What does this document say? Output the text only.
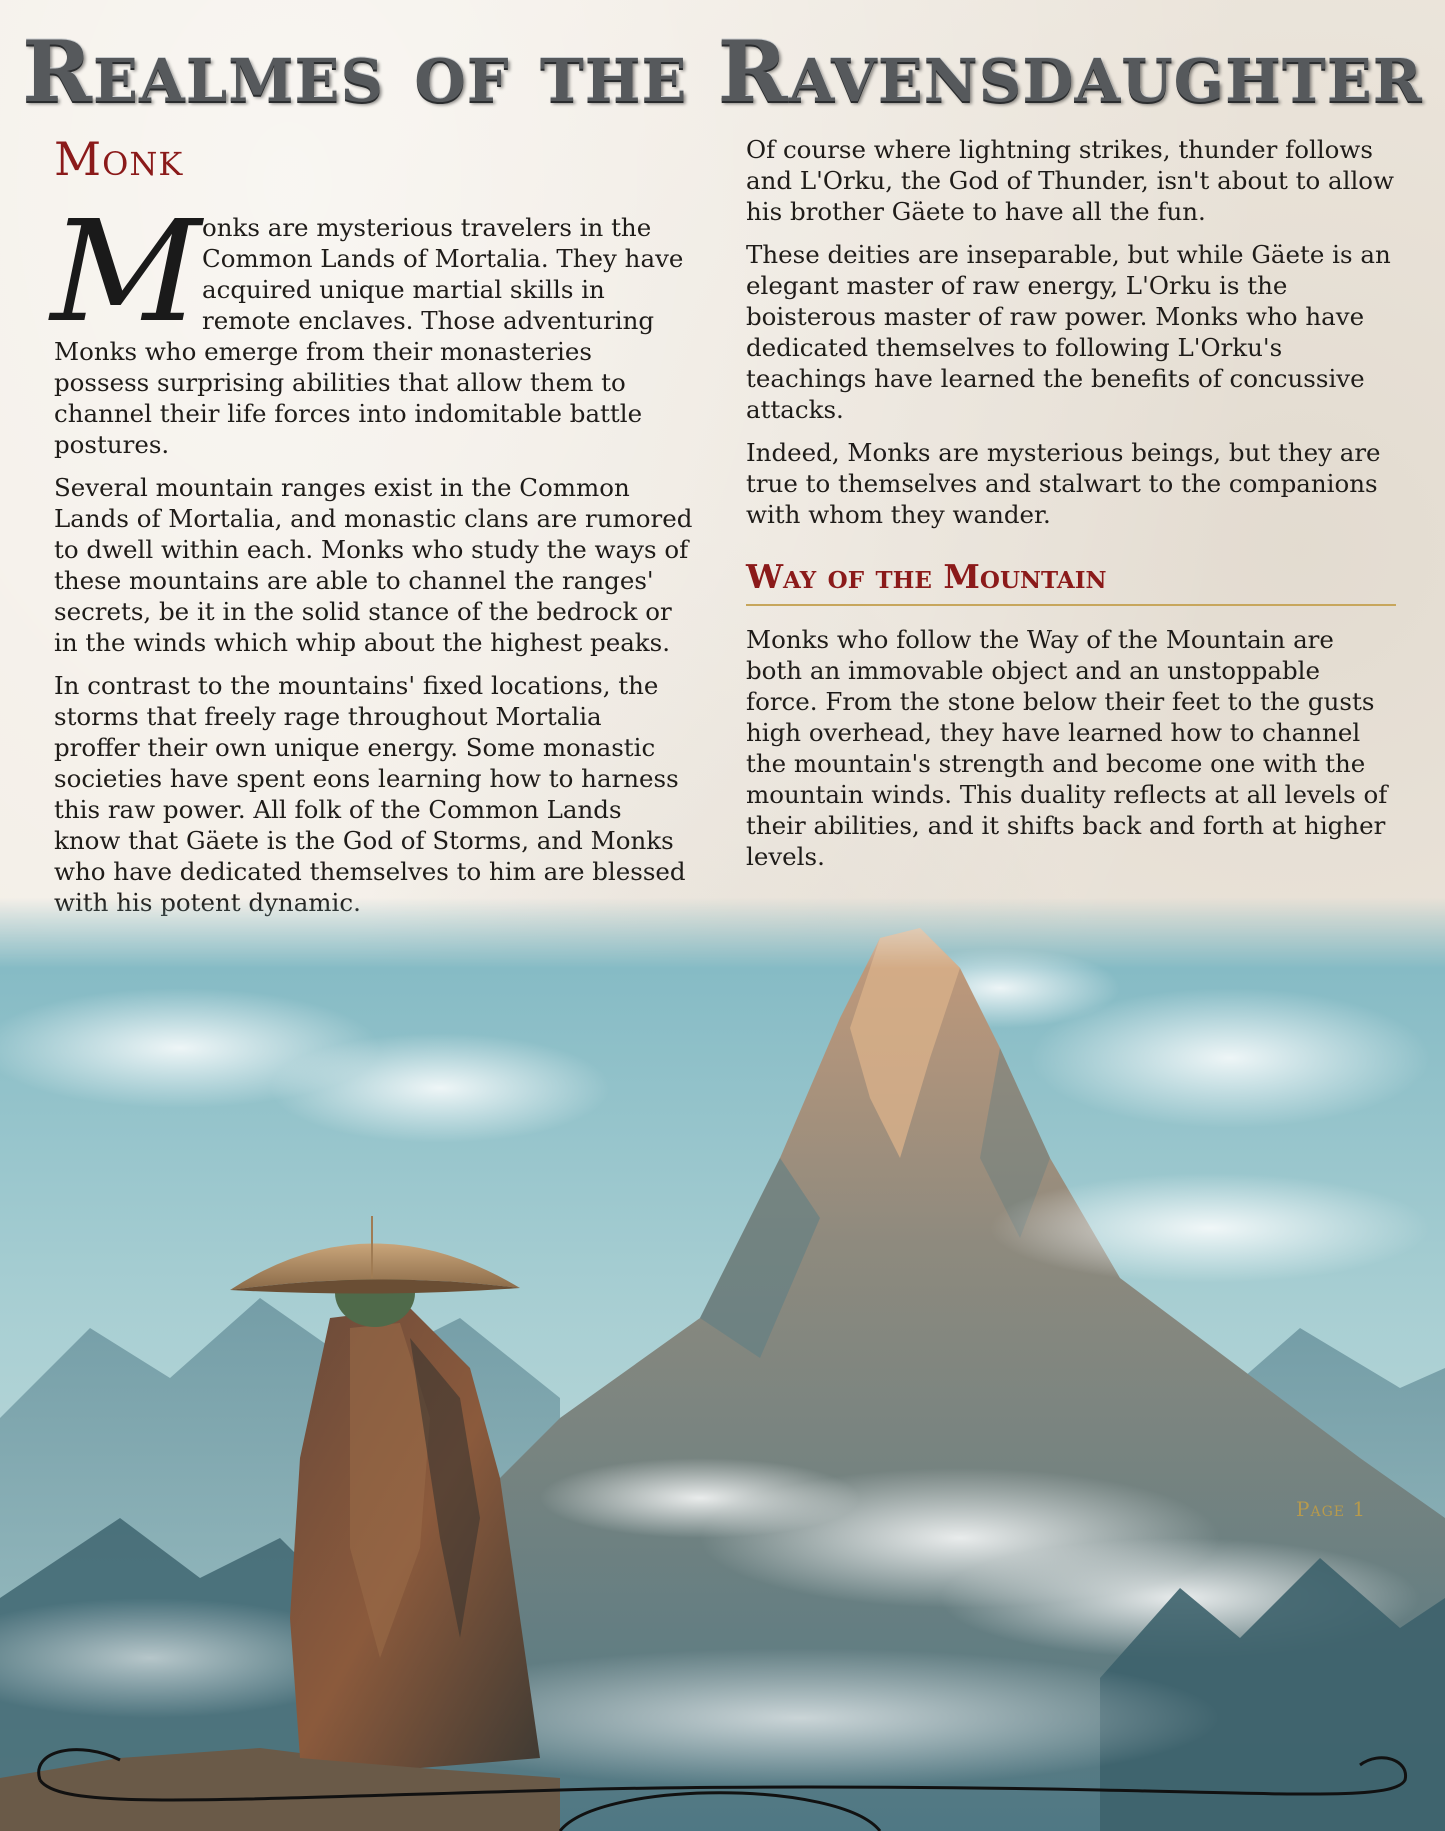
Realmes of the Ravensdaughter
Monk

Monks are mysterious travelers in the Common Lands of Mortalia. They have acquired unique martial skills in remote enclaves. Those adventuring Monks who emerge from their monasteries possess surprising abilities that allow them to channel their life forces into indomitable battle postures.

Several mountain ranges exist in the Common Lands of Mortalia, and monastic clans are rumored to dwell within each. Monks who study the ways of these mountains are able to channel the ranges' secrets, be it in the solid stance of the bedrock or in the winds which whip about the highest peaks.

In contrast to the mountains' fixed locations, the storms that freely rage throughout Mortalia proffer their own unique energy. Some monastic societies have spent eons learning how to harness this raw power. All folk of the Common Lands know that Gäete is the God of Storms, and Monks who have dedicated themselves to him are blessed

Of course where lightning strikes, thunder follows and L'Orku, the God of Thunder, isn't about to allow his brother Gäete to have all the fun.

These deities are inseparable, but while Gäete is an elegant master of raw energy, L'Orku is the boisterous master of raw power. Monks who have dedicated themselves to following L'Orku's teachings have learned the benefits of concussive attacks.

Indeed, Monks are mysterious beings, but they are true to themselves and stalwart to the companions with whom they wander.

Way of the Mountain

Monks who follow the Way of the Mountain are both an immovable object and an unstoppable force. From the stone below their feet to the gusts high overhead, they have learned how to channel the mountain's strength and become one with the mountain winds. This duality reflects at all levels of their abilities, and it shifts back and forth at higher levels.

Page 1
